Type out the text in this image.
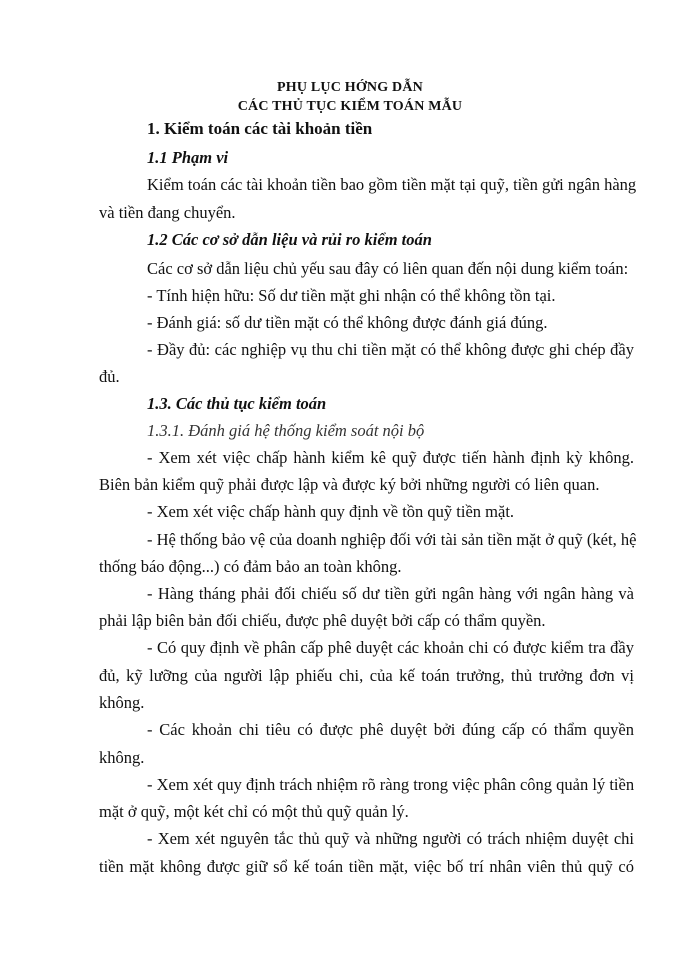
PHỤ LỤC HỚNG DẪN
CÁC THỦ TỤC KIỂM TOÁN MẪU
1. Kiểm toán các tài khoản tiền
1.1 Phạm vi
Kiểm toán các tài khoản tiền bao gồm tiền mặt tại quỹ, tiền gửi ngân hàng
và tiền đang chuyển.
1.2 Các cơ sở dẫn liệu và rủi ro kiểm toán
Các cơ sở dẫn liệu chủ yếu sau đây có liên quan đến nội dung kiểm toán:
- Tính hiện hữu: Số dư tiền mặt ghi nhận có thể không tồn tại.
- Đánh giá: số dư tiền mặt có thể không được đánh giá đúng.
- Đầy đủ: các nghiệp vụ thu chi tiền mặt có thể không được ghi chép đầy
đủ.
1.3. Các thủ tục kiểm toán
1.3.1. Đánh giá hệ thống kiểm soát nội bộ
- Xem xét việc chấp hành kiểm kê quỹ được tiến hành định kỳ không.
Biên bản kiểm quỹ phải được lập và được ký bởi những người có liên quan.
- Xem xét việc chấp hành quy định về tồn quỹ tiền mặt.
- Hệ thống bảo vệ của doanh nghiệp đối với tài sản tiền mặt ở quỹ (két, hệ
thống báo động...) có đảm bảo an toàn không.
- Hàng tháng phải đối chiếu số dư tiền gửi ngân hàng với ngân hàng và
phải lập biên bản đối chiếu, được phê duyệt bởi cấp có thẩm quyền.
- Có quy định về phân cấp phê duyệt các khoản chi có được kiểm tra đầy
đủ, kỹ lưỡng của người lập phiếu chi, của kế toán trưởng, thủ trưởng đơn vị
không.
- Các khoản chi tiêu có được phê duyệt bởi đúng cấp có thẩm quyền
không.
- Xem xét quy định trách nhiệm rõ ràng trong việc phân công quản lý tiền
mặt ở quỹ, một két chỉ có một thủ quỹ quản lý.
- Xem xét nguyên tắc thủ quỹ và những người có trách nhiệm duyệt chi
tiền mặt không được giữ sổ kế toán tiền mặt, việc bố trí nhân viên thủ quỹ có
